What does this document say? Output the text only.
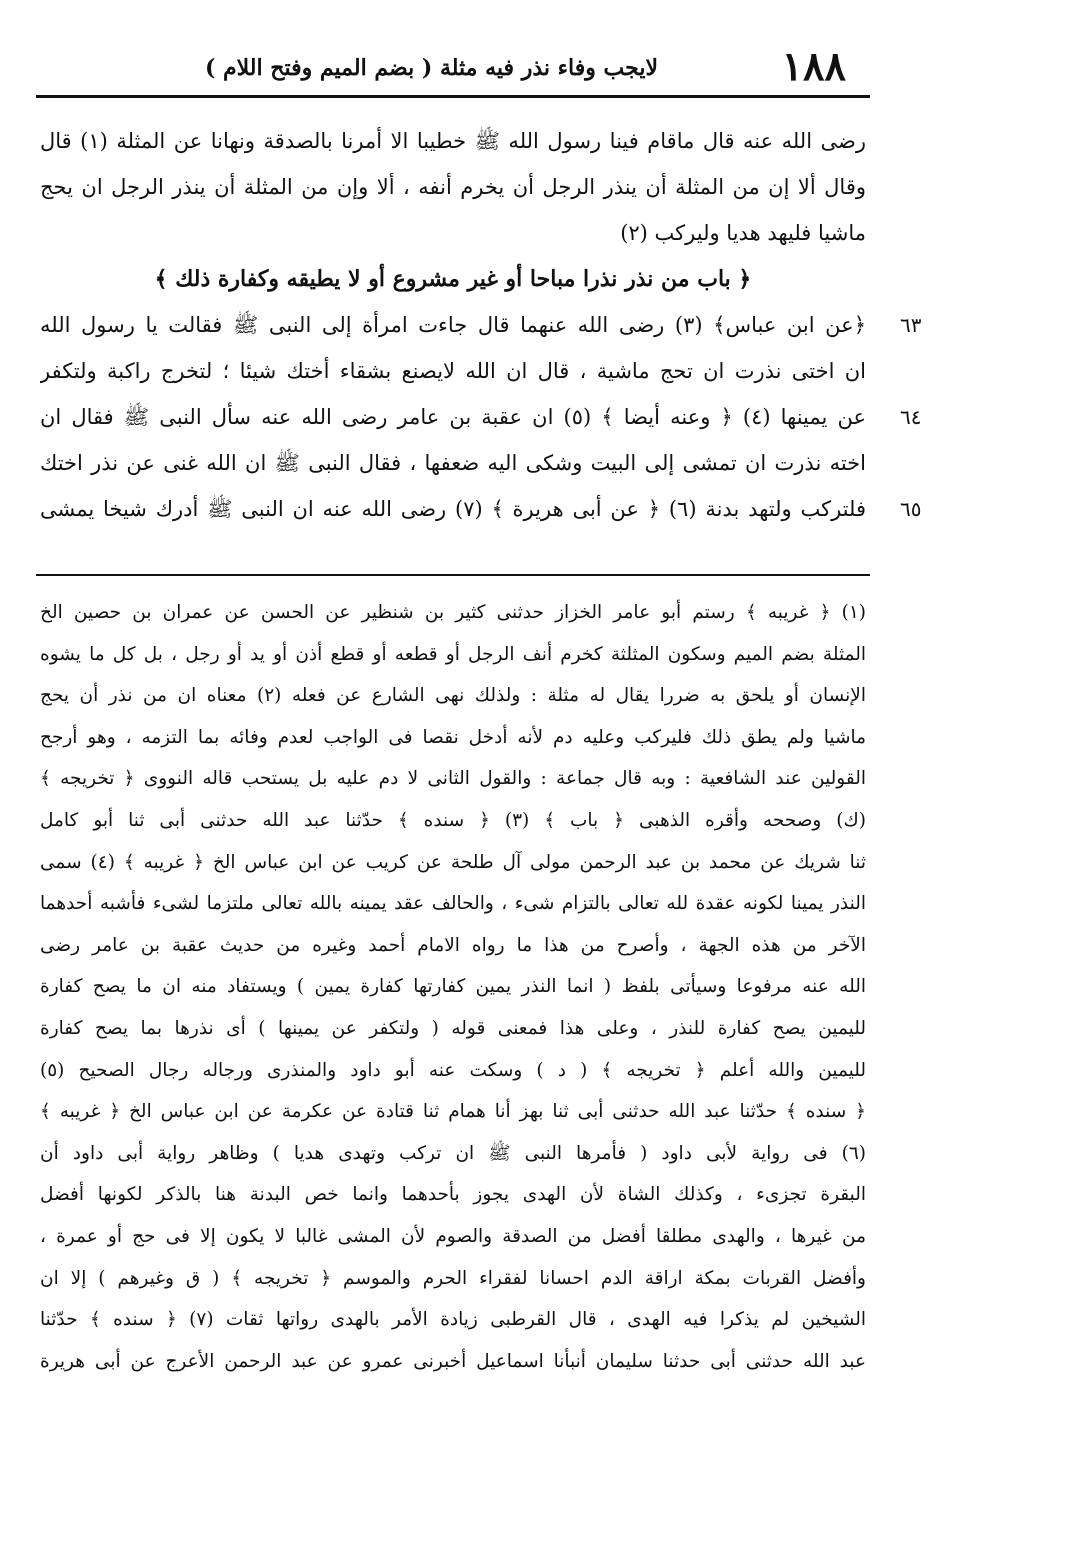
١٨٨
لايجب وفاء نذر فيه مثلة ( بضم الميم وفتح اللام )
رضى الله عنه قال ماقام فينا رسول الله ﷺ خطيبا الا أمرنا بالصدقة ونهانا عن المثلة (١) قال
وقال ألا إن من المثلة أن ينذر الرجل أن يخرم أنفه ، ألا وإن من المثلة أن ينذر الرجل ان يحج
ماشيا فليهد هديا وليركب (٢)
﴿ باب من نذر نذرا مباحا أو غير مشروع أو لا يطيقه وكفارة ذلك ﴾
﴿عن ابن عباس﴾ (٣) رضى الله عنهما قال جاءت امرأة إلى النبى ﷺ فقالت يا رسول الله
ان اختى نذرت ان تحج ماشية ، قال ان الله لايصنع بشقاء أختك شيئا ؛ لتخرج راكبة ولتكفر
عن يمينها (٤) ﴿ وعنه أيضا ﴾ (٥) ان عقبة بن عامر رضى الله عنه سأل النبى ﷺ فقال ان
اخته نذرت ان تمشى إلى البيت وشكى اليه ضعفها ، فقال النبى ﷺ ان الله غنى عن نذر اختك
فلتركب ولتهد بدنة (٦) ﴿ عن أبى هريرة ﴾ (٧) رضى الله عنه ان النبى ﷺ أدرك شيخا يمشى
٦٣
٦٤
٦٥
(١) ﴿ غريبه ﴾ رستم أبو عامر الخزاز حدثنى كثير بن شنظير عن الحسن عن عمران بن حصين الخ
المثلة بضم الميم وسكون المثلثة كخرم أنف الرجل أو قطعه أو قطع أذن أو يد أو رجل ، بل كل ما يشوه
الإنسان أو يلحق به ضررا يقال له مثلة : ولذلك نهى الشارع عن فعله (٢) معناه ان من نذر أن يحج
ماشيا ولم يطق ذلك فليركب وعليه دم لأنه أدخل نقصا فى الواجب لعدم وفائه بما التزمه ، وهو أرجح
القولين عند الشافعية : وبه قال جماعة : والقول الثانى لا دم عليه بل يستحب قاله النووى ﴿ تخريجه ﴾
(ك) وصححه وأقره الذهبى ﴿ باب ﴾ (٣) ﴿ سنده ﴾ حدّثنا عبد الله حدثنى أبى ثنا أبو كامل
ثنا شريك عن محمد بن عبد الرحمن مولى آل طلحة عن كريب عن ابن عباس الخ ﴿ غريبه ﴾ (٤) سمى
النذر يمينا لكونه عقدة لله تعالى بالتزام شىء ، والحالف عقد يمينه بالله تعالى ملتزما لشىء فأشبه أحدهما
الآخر من هذه الجهة ، وأصرح من هذا ما رواه الامام أحمد وغيره من حديث عقبة بن عامر رضى
الله عنه مرفوعا وسيأتى بلفظ ( انما النذر يمين كفارتها كفارة يمين ) ويستفاد منه ان ما يصح كفارة
لليمين يصح كفارة للنذر ، وعلى هذا فمعنى قوله ( ولتكفر عن يمينها ) أى نذرها بما يصح كفارة
لليمين والله أعلم ﴿ تخريجه ﴾ ( د ) وسكت عنه أبو داود والمنذرى ورجاله رجال الصحيح (٥)
﴿ سنده ﴾ حدّثنا عبد الله حدثنى أبى ثنا بهز أنا همام ثنا قتادة عن عكرمة عن ابن عباس الخ ﴿ غريبه ﴾
(٦) فى رواية لأبى داود ( فأمرها النبى ﷺ ان تركب وتهدى هديا ) وظاهر رواية أبى داود أن
البقرة تجزىء ، وكذلك الشاة لأن الهدى يجوز بأحدهما وانما خص البدنة هنا بالذكر لكونها أفضل
من غيرها ، والهدى مطلقا أفضل من الصدقة والصوم لأن المشى غالبا لا يكون إلا فى حج أو عمرة ،
وأفضل القربات بمكة اراقة الدم احسانا لفقراء الحرم والموسم ﴿ تخريجه ﴾ ( ق وغيرهم ) إلا ان
الشيخين لم يذكرا فيه الهدى ، قال القرطبى زيادة الأمر بالهدى رواتها ثقات (٧) ﴿ سنده ﴾ حدّثنا
عبد الله حدثنى أبى حدثنا سليمان أنبأنا اسماعيل أخبرنى عمرو عن عبد الرحمن الأعرج عن أبى هريرة
